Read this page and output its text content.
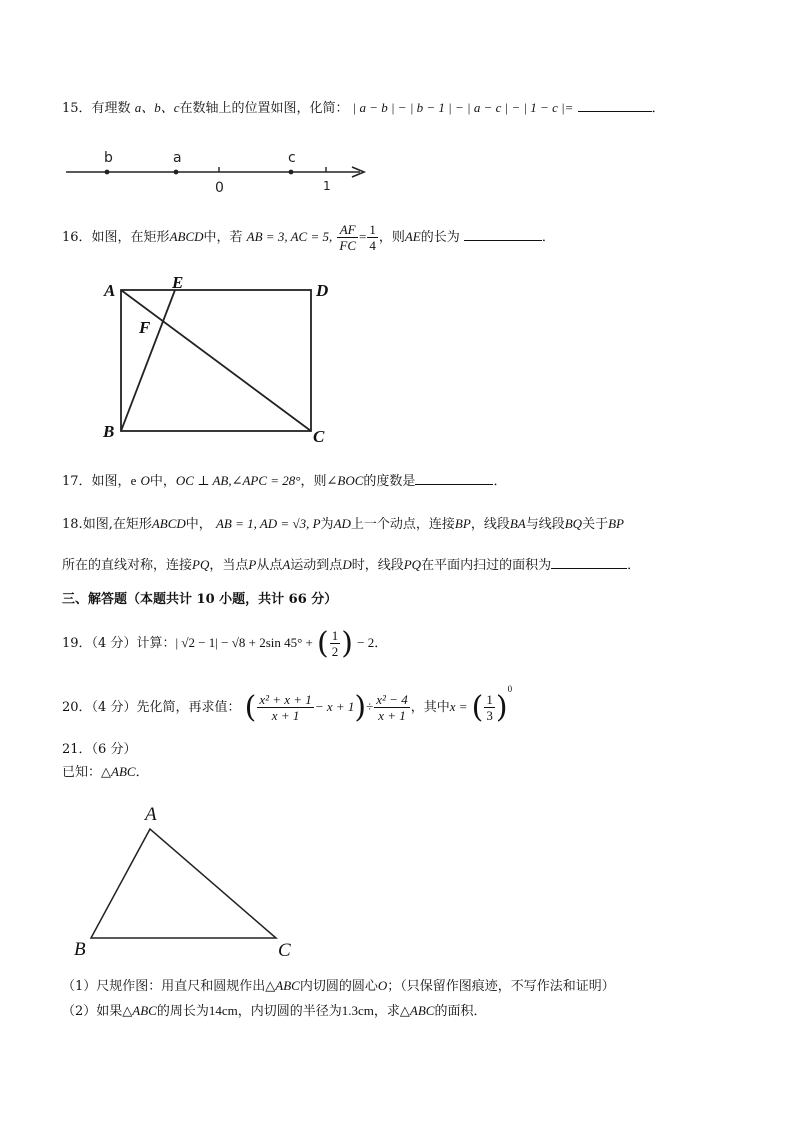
15．有理数 a、b、c在数轴上的位置如图，化简： | a − b | − | b − 1 | − | a − c | − | 1 − c |=	．
b	a	c
0	1
16．如图，在矩形ABCD中，若 AB = 3, AC = 5, $\frac{AF}{FC} = \frac{1}{4}$ ，则AE的长为	．
A	E	D
F
B	C
17．如图，e O中，OC ⊥ AB,∠APC = 28°，则∠BOC的度数是	．
18.如图,在矩形ABCD中， AB = 1, AD = √3, P为AD上一个动点，连接BP，线段BA与线段BQ关于BP
所在的直线对称，连接PQ，当点P从点A运动到点D时，线段PQ在平面内扫过的面积为	．
三、解答题（本题共计 10 小题，共计 66 分）
19．（4 分）计算：| √2 − 1| − √8 + 2sin 45° + ( $\frac{1}{2}$ ) − 2．
20．（4 分）先化简，再求值： ( $\frac{\text{x² + x + 1}}{x + 1} - x + 1)\div \frac{\text{x² − 4}}{x + 1}$ ，其中x = ( $\frac{1}{3} )^0$
21．（6 分）
已知：△ABC．
A
B	C
（1）尺规作图：用直尺和圆规作出△ABC内切圆的圆心O；（只保留作图痕迹，不写作法和证明）
（2）如果△ABC的周长为14cm，内切圆的半径为1.3cm，求△ABC的面积．
